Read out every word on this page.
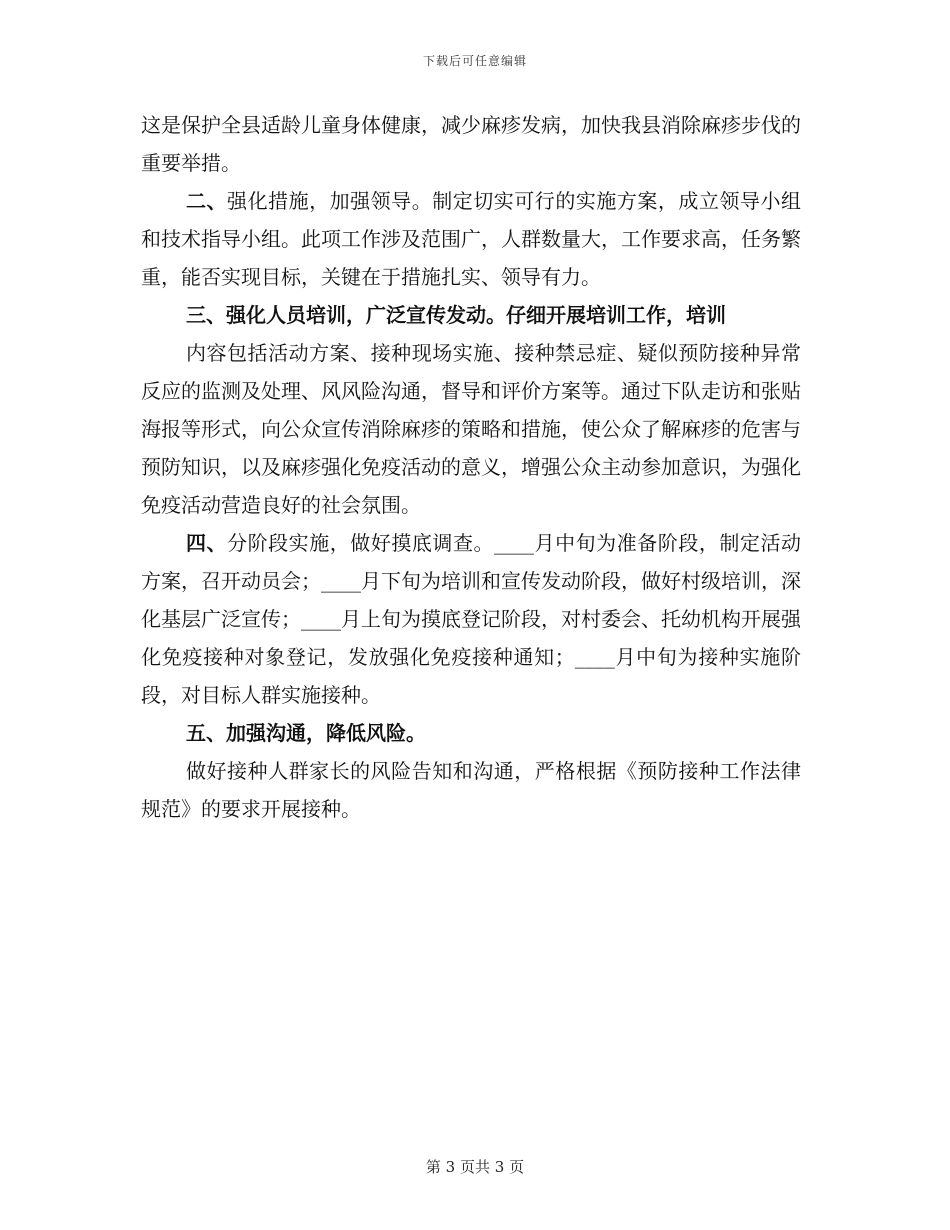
下载后可任意编辑

这是保护全县适龄儿童身体健康，减少麻疹发病，加快我县消除麻疹步伐的重要举措。

二、强化措施，加强领导。制定切实可行的实施方案，成立领导小组和技术指导小组。此项工作涉及范围广，人群数量大，工作要求高，任务繁重，能否实现目标，关键在于措施扎实、领导有力。

三、强化人员培训，广泛宣传发动。仔细开展培训工作，培训

内容包括活动方案、接种现场实施、接种禁忌症、疑似预防接种异常反应的监测及处理、风风险沟通，督导和评价方案等。通过下队走访和张贴海报等形式，向公众宣传消除麻疹的策略和措施，使公众了解麻疹的危害与预防知识，以及麻疹强化免疫活动的意义，增强公众主动参加意识，为强化免疫活动营造良好的社会氛围。

四、分阶段实施，做好摸底调查。____月中旬为准备阶段，制定活动方案，召开动员会；____月下旬为培训和宣传发动阶段，做好村级培训，深化基层广泛宣传；____月上旬为摸底登记阶段，对村委会、托幼机构开展强化免疫接种对象登记，发放强化免疫接种通知；____月中旬为接种实施阶段，对目标人群实施接种。

五、加强沟通，降低风险。

做好接种人群家长的风险告知和沟通，严格根据《预防接种工作法律规范》的要求开展接种。

第 3 页共 3 页
